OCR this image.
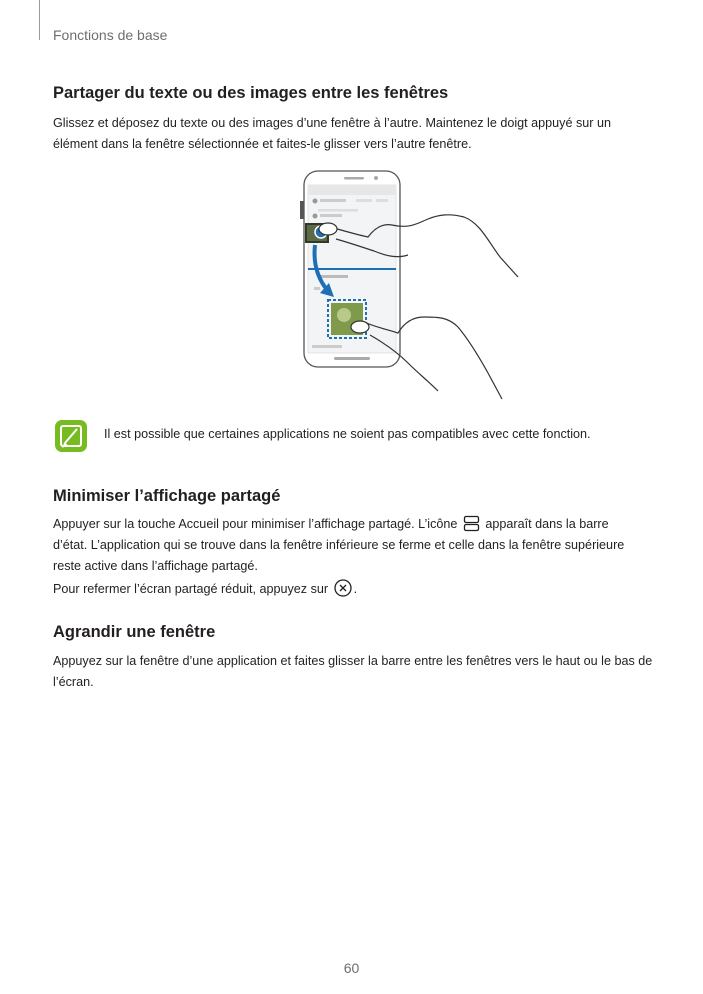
Fonctions de base
Partager du texte ou des images entre les fenêtres

Glissez et déposez du texte ou des images d’une fenêtre à l’autre. Maintenez le doigt appuyé sur un élément dans la fenêtre sélectionnée et faites-le glisser vers l’autre fenêtre.

Il est possible que certaines applications ne soient pas compatibles avec cette fonction.
Minimiser l’affichage partagé

Appuyer sur la touche Accueil pour minimiser l’affichage partagé. L’icône  apparaît dans la barre d’état. L’application qui se trouve dans la fenêtre inférieure se ferme et celle dans la fenêtre supérieure reste active dans l’affichage partagé.

Pour refermer l’écran partagé réduit, appuyez sur .

Agrandir une fenêtre

Appuyez sur la fenêtre d’une application et faites glisser la barre entre les fenêtres vers le haut ou le bas de l’écran.

60
